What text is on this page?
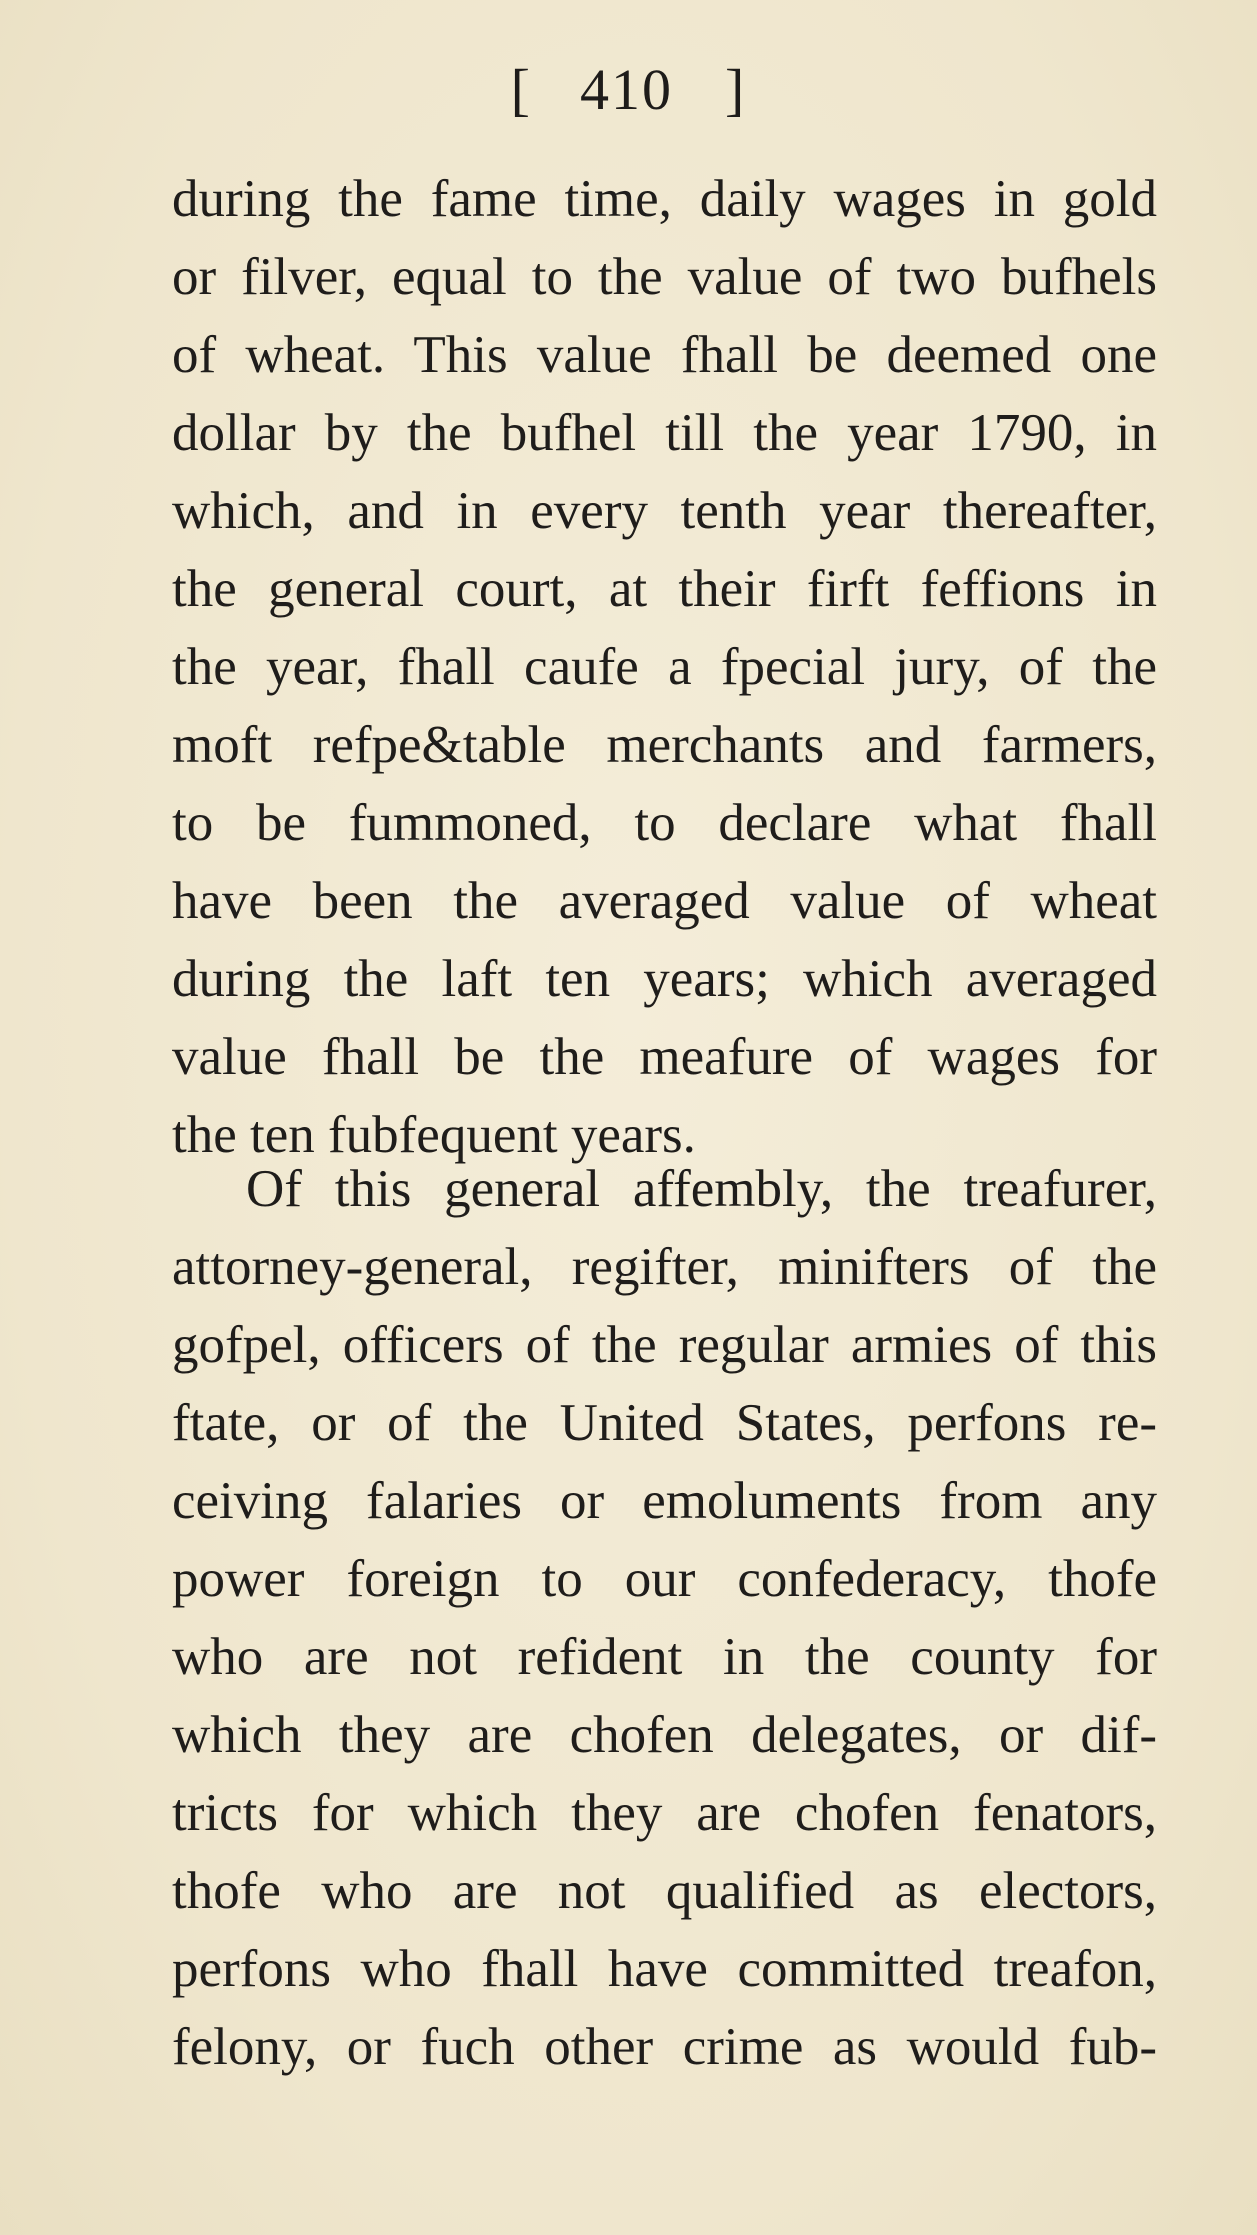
[ 410 ]
during the fame time, daily wages in gold
or filver, equal to the value of two bufhels
of wheat. This value fhall be deemed one
dollar by the bufhel till the year 1790, in
which, and in every tenth year thereafter,
the general court, at their firft feffions in
the year, fhall caufe a fpecial jury, of the
moft refpe&table merchants and farmers,
to be fummoned, to declare what fhall
have been the averaged value of wheat
during the laft ten years; which averaged
value fhall be the meafure of wages for
the ten fubfequent years.
Of this general affembly, the treafurer,
attorney-general, regifter, minifters of the
gofpel, officers of the regular armies of this
ftate, or of the United States, perfons re-
ceiving falaries or emoluments from any
power foreign to our confederacy, thofe
who are not refident in the county for
which they are chofen delegates, or dif-
tricts for which they are chofen fenators,
thofe who are not qualified as electors,
perfons who fhall have committed treafon,
felony, or fuch other crime as would fub-
